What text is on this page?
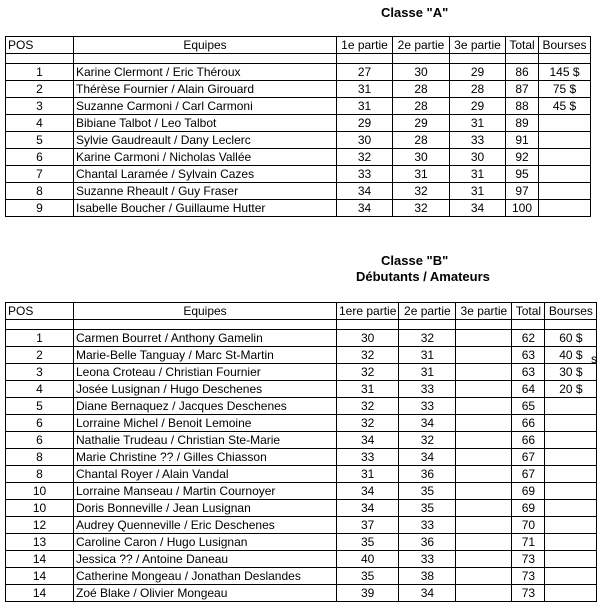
Classe "A"
POS	Equipes	1e partie	2e partie	3e partie	Total	Bourses

1	Karine Clermont / Eric Théroux	27	30	29	86	145 $
2	Thérèse Fournier / Alain Girouard	31	28	28	87	75 $
3	Suzanne Carmoni / Carl Carmoni	31	28	29	88	45 $
4	Bibiane Talbot / Leo Talbot	29	29	31	89	
5	Sylvie Gaudreault / Dany Leclerc	30	28	33	91	
6	Karine Carmoni / Nicholas Vallée	32	30	30	92	
7	Chantal Laramée / Sylvain Cazes	33	31	31	95	
8	Suzanne Rheault / Guy Fraser	34	32	31	97	
9	Isabelle Boucher / Guillaume Hutter	34	32	34	100	
Classe "B"
Débutants / Amateurs
POS	Equipes	1ere partie	2e partie	3e partie	Total	Bourses

1	Carmen Bourret / Anthony Gamelin	30	32		62	60 $
2	Marie-Belle Tanguay / Marc St-Martin	32	31		63	40 $
3	Leona Croteau / Christian Fournier	32	31		63	30 $
4	Josée Lusignan / Hugo Deschenes	31	33		64	20 $
5	Diane Bernaquez / Jacques Deschenes	32	33		65	
6	Lorraine Michel / Benoit Lemoine	32	34		66	
6	Nathalie Trudeau / Christian Ste-Marie	34	32		66	
8	Marie Christine ?? / Gilles Chiasson	33	34		67	
8	Chantal Royer / Alain Vandal	31	36		67	
10	Lorraine Manseau / Martin Cournoyer	34	35		69	
10	Doris Bonneville / Jean Lusignan	34	35		69	
12	Audrey Quenneville / Eric Deschenes	37	33		70	
13	Caroline Caron / Hugo Lusignan	35	36		71	
14	Jessica ?? / Antoine Daneau	40	33		73	
14	Catherine Mongeau / Jonathan Deslandes	35	38		73	
14	Zoé Blake / Olivier Mongeau	39	34		73	
s
